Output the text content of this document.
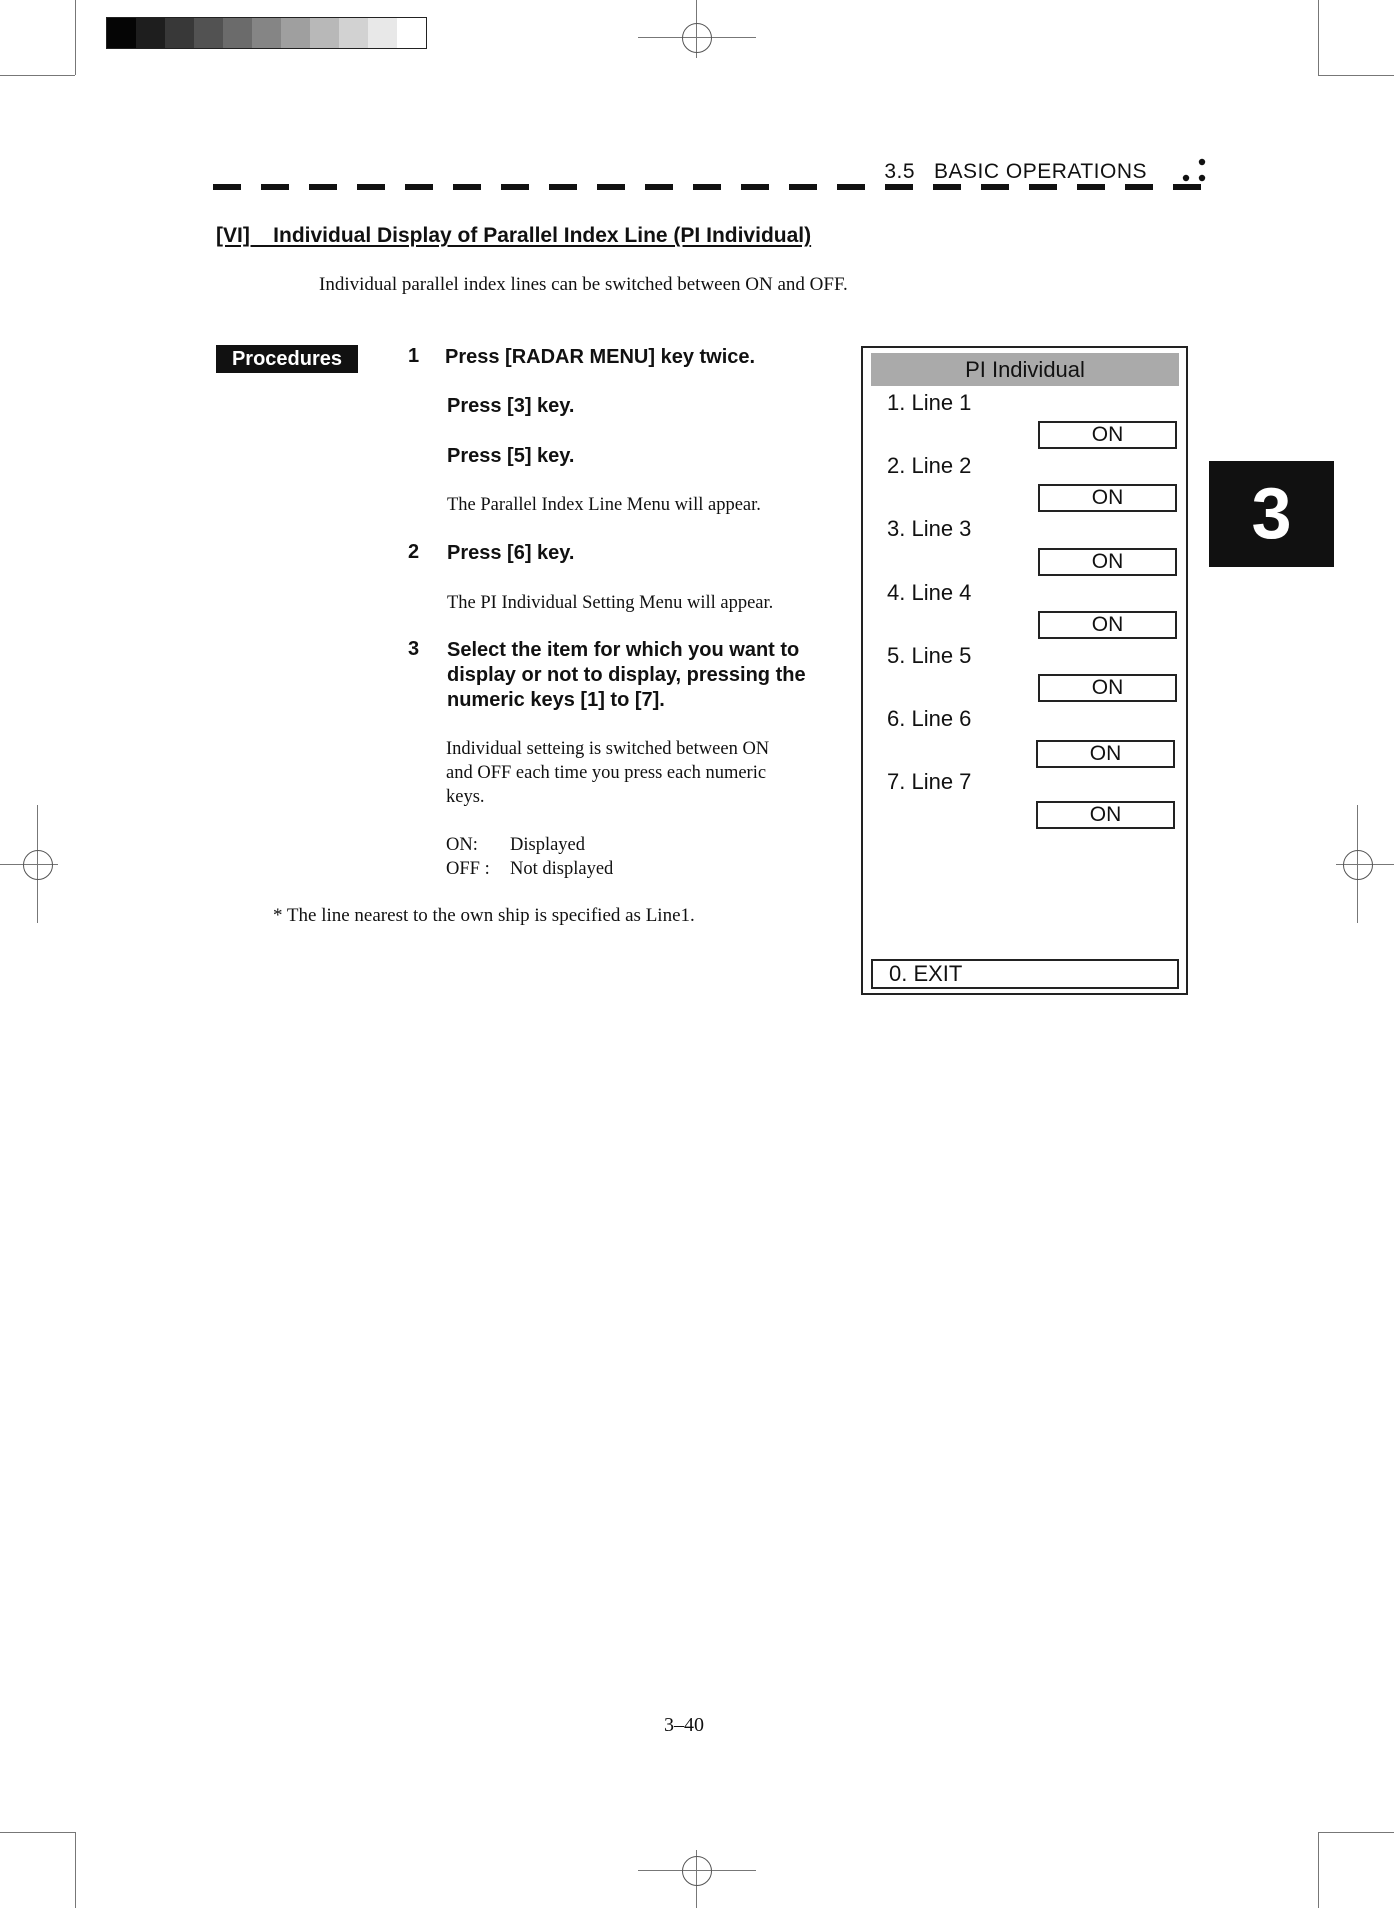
3.5   BASIC OPERATIONS
[VI]    Individual Display of Parallel Index Line (PI Individual)
Individual parallel index lines can be switched between ON and OFF.
Procedures	1 Press [RADAR MENU] key twice.
Press [3] key.
Press [5] key.
The Parallel Index Line Menu will appear.
2 Press [6] key.
The PI Individual Setting Menu will appear.
3 Select the item for which you want to
display or not to display, pressing the
numeric keys [1] to [7].
Individual setteing is switched between ON
and OFF each time you press each numeric
keys.
ON: Displayed
OFF : Not displayed
* The line nearest to the own ship is specified as Line1.
3
PI Individual
1. Line 1
ON
2. Line 2
ON
3. Line 3
ON
4. Line 4
ON
5. Line 5
ON
6. Line 6
ON
7. Line 7
ON
0. EXIT
3–40
